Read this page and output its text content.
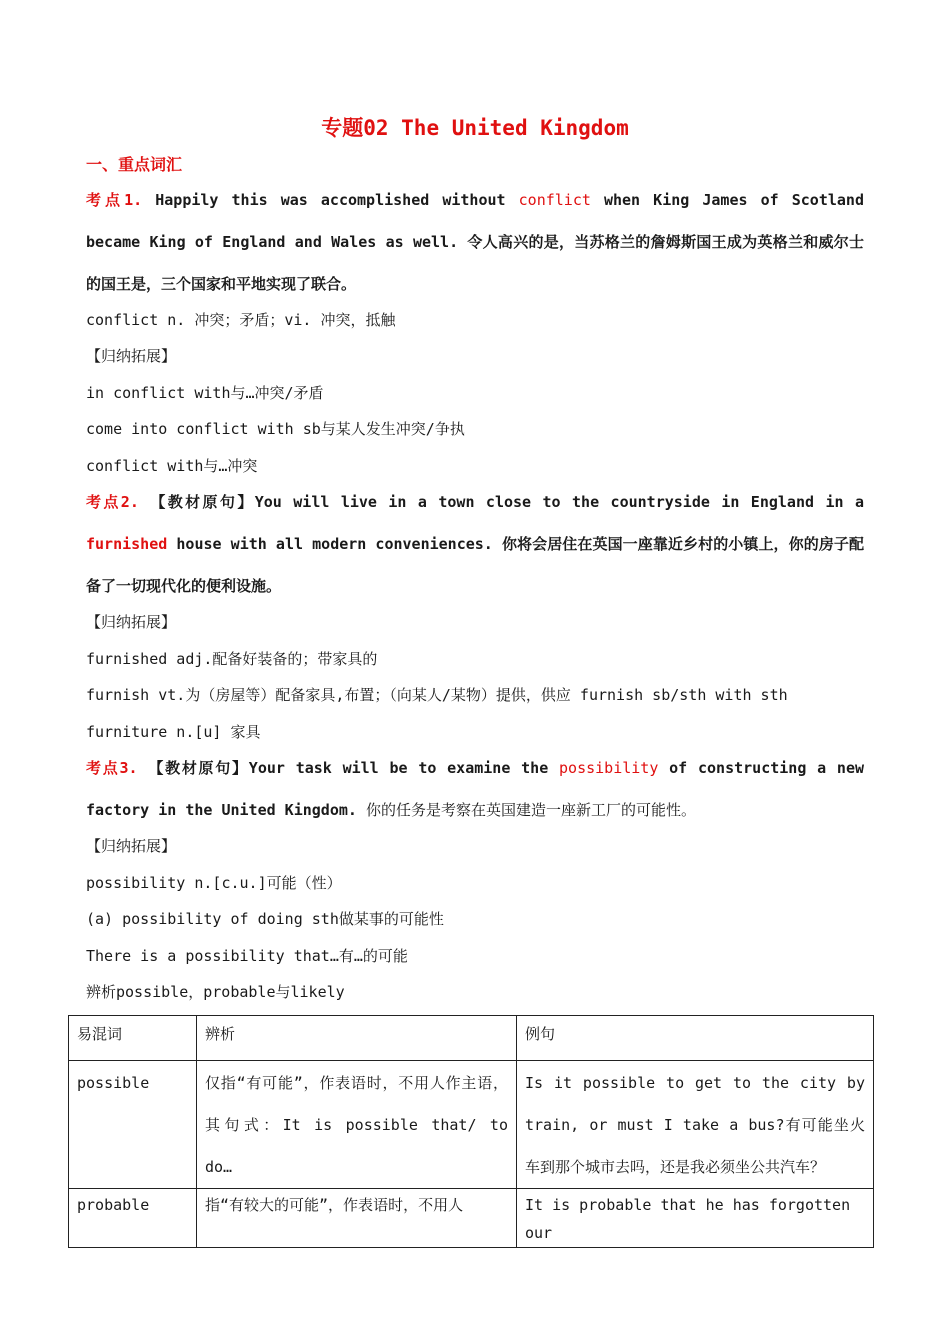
专题02 The United Kingdom
一、重点词汇
考点1. Happily this was accomplished without conflict when King James of Scotland became King of England and Wales as well. 令人高兴的是，当苏格兰的詹姆斯国王成为英格兰和威尔士的国王是，三个国家和平地实现了联合。
conflict n. 冲突；矛盾；vi. 冲突，抵触
【归纳拓展】
in conflict with与…冲突/矛盾
come into conflict with sb与某人发生冲突/争执
conflict with与…冲突
考点2. 【教材原句】You will live in a town close to the countryside in England in a furnished house with all modern conveniences. 你将会居住在英国一座靠近乡村的小镇上，你的房子配备了一切现代化的便利设施。
【归纳拓展】
furnished adj.配备好装备的；带家具的
furnish vt.为（房屋等）配备家具,布置；（向某人/某物）提供，供应 furnish sb/sth with sth
furniture n.[u] 家具
考点3. 【教材原句】Your task will be to examine the possibility of constructing a new factory in the United Kingdom. 你的任务是考察在英国建造一座新工厂的可能性。
【归纳拓展】
possibility n.[c.u.]可能（性）
(a) possibility of doing sth做某事的可能性
There is a possibility that…有…的可能
辨析possible，probable与likely
易混词	辨析	例句
possible	仅指“有可能”，作表语时，不用人作主语，其句式：It is possible that/ to do…	Is it possible to get to the city by train, or must I take a bus?有可能坐火车到那个城市去吗，还是我必须坐公共汽车？
probable	指“有较大的可能”，作表语时，不用人	It is probable that he has forgotten our
